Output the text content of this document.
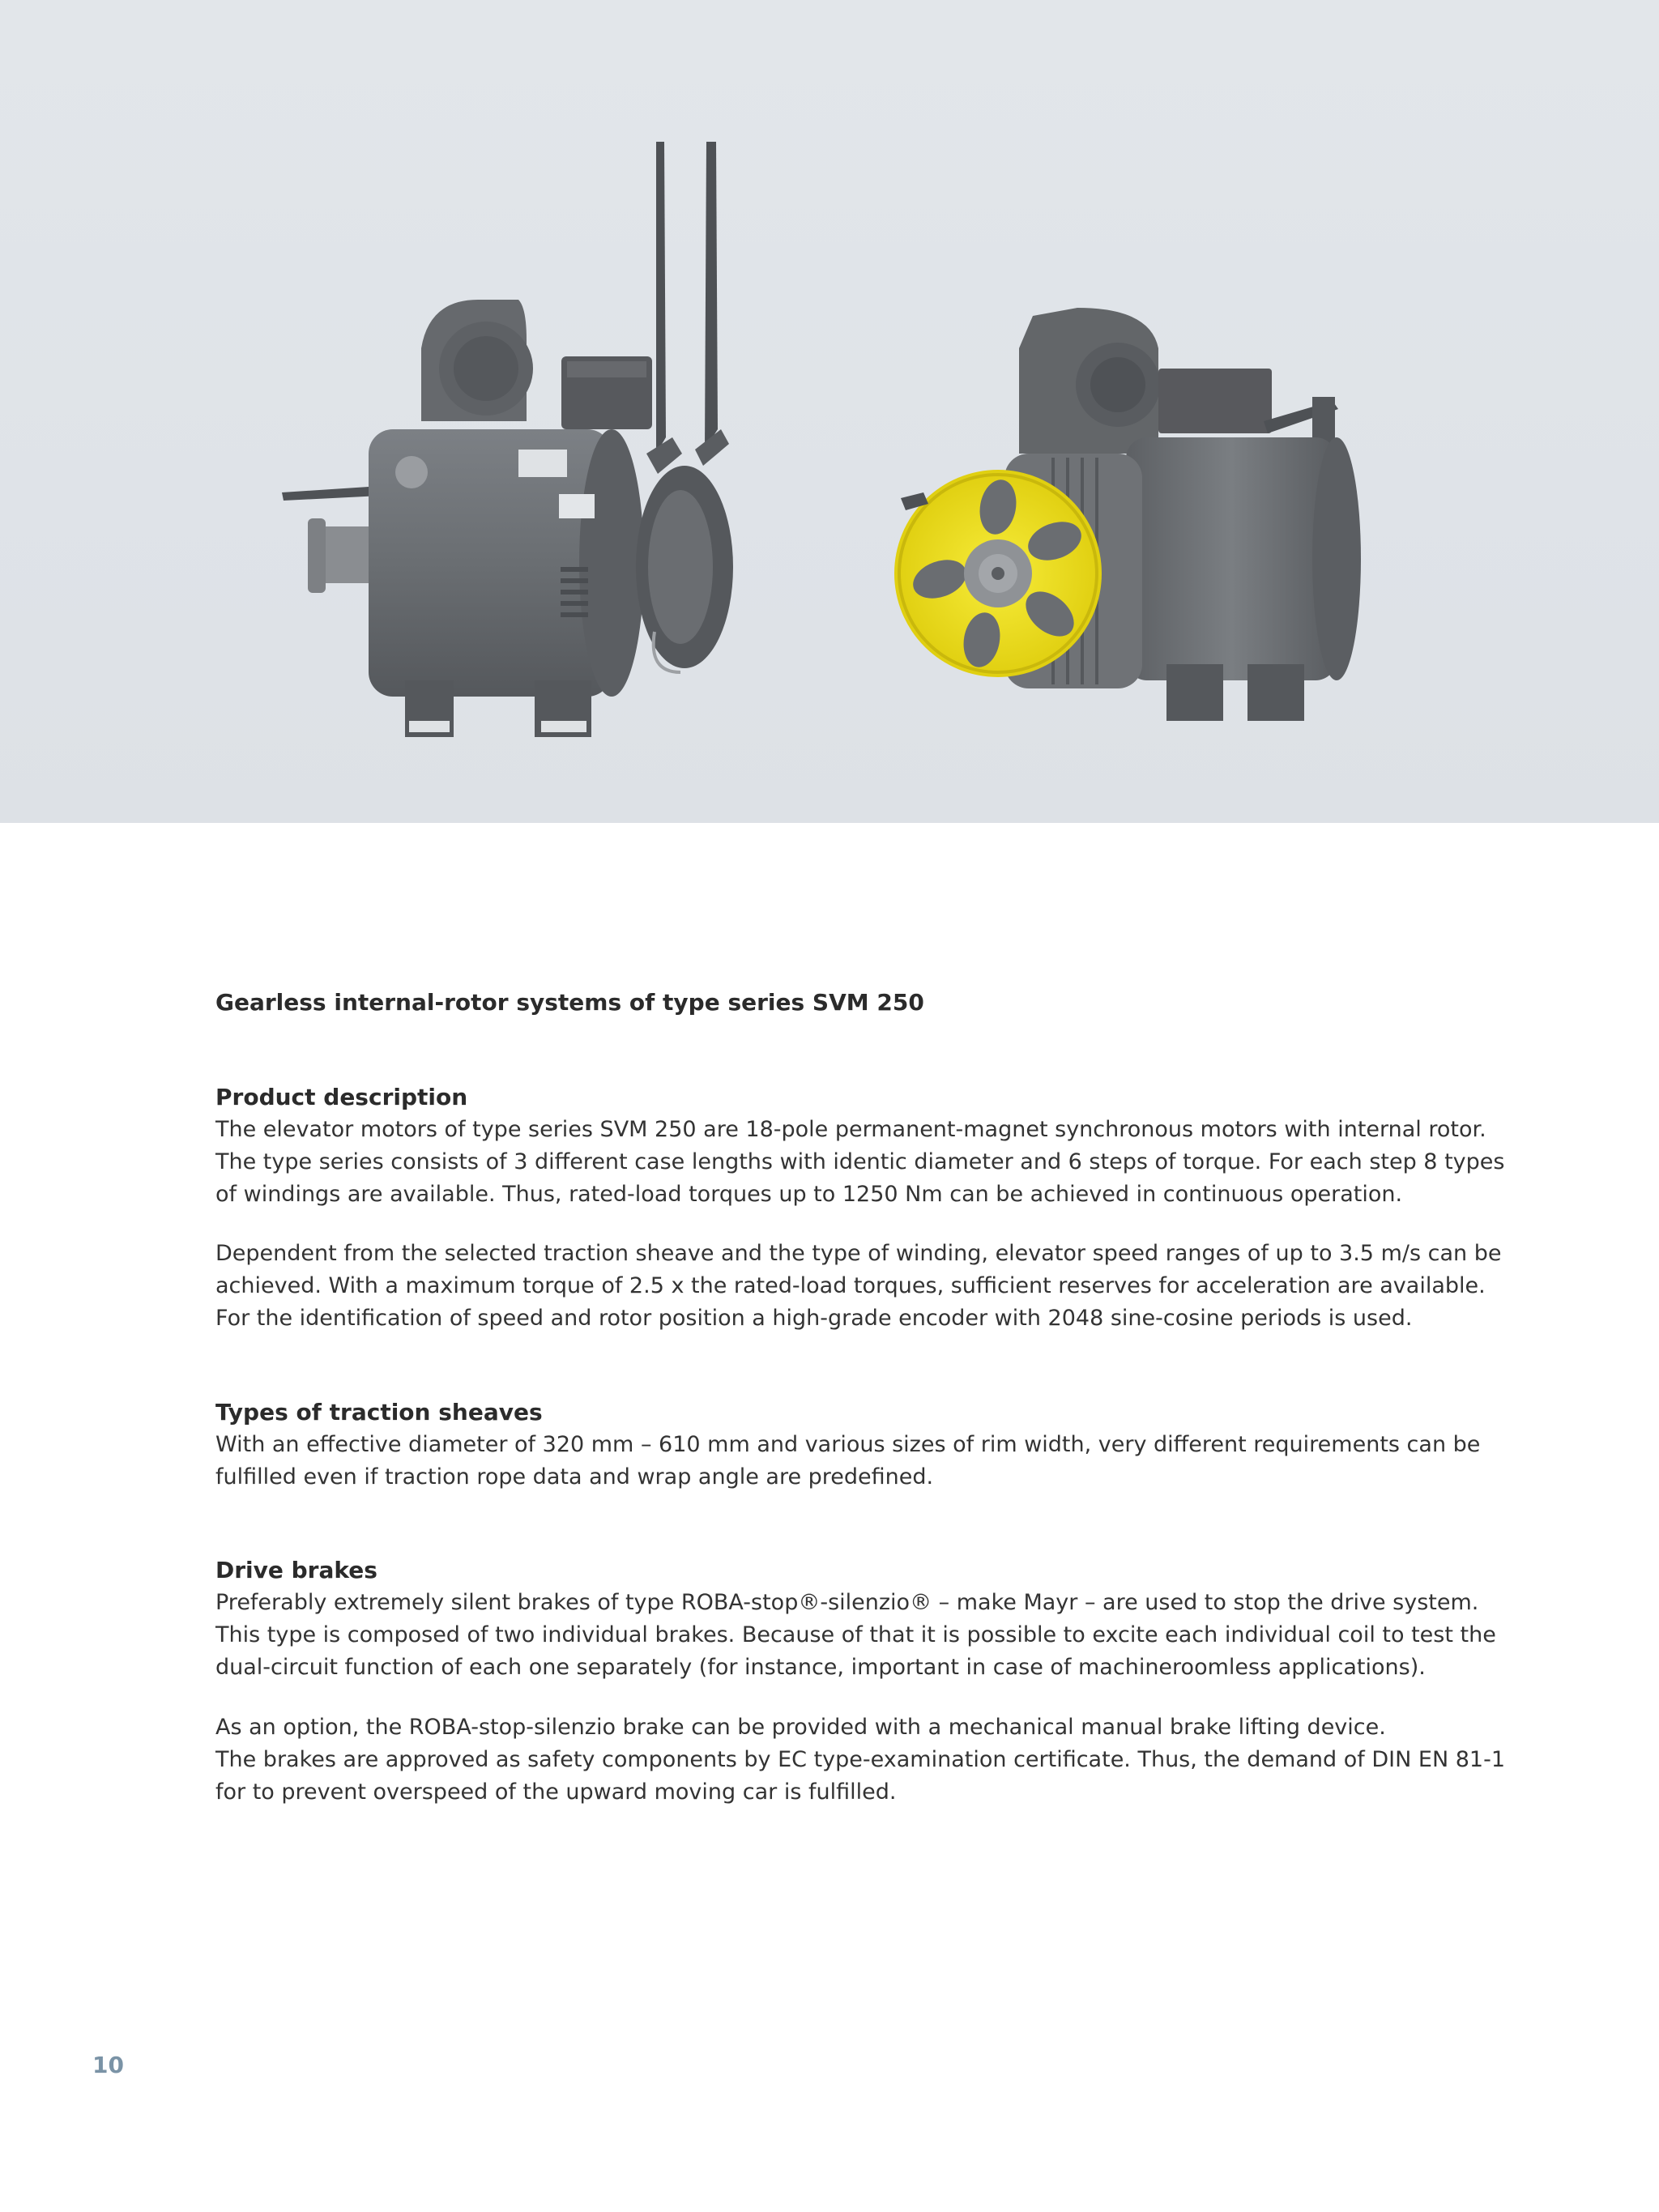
Gearless internal-rotor systems of type series SVM 250
Product description

The elevator motors of type series SVM 250 are 18-pole permanent-magnet synchronous motors with internal rotor.
The type series consists of 3 different case lengths with identic diameter and 6 steps of torque. For each step 8 types
of windings are available. Thus, rated-load torques up to 1250 Nm can be achieved in continuous operation.

Dependent from the selected traction sheave and the type of winding, elevator speed ranges of up to 3.5 m/s can be
achieved. With a maximum torque of 2.5 x the rated-load torques, sufficient reserves for acceleration are available.
For the identification of speed and rotor position a high-grade encoder with 2048 sine-cosine periods is used.

Types of traction sheaves

With an effective diameter of 320 mm – 610 mm and various sizes of rim width, very different requirements can be
fulfilled even if traction rope data and wrap angle are predefined.

Drive brakes

Preferably extremely silent brakes of type ROBA-stop®-silenzio® – make Mayr – are used to stop the drive system.
This type is composed of two individual brakes. Because of that it is possible to excite each individual coil to test the
dual-circuit function of each one separately (for instance, important in case of machineroomless applications).

As an option, the ROBA-stop-silenzio brake can be provided with a mechanical manual brake lifting device.
The brakes are approved as safety components by EC type-examination certificate. Thus, the demand of DIN EN 81-1
for to prevent overspeed of the upward moving car is fulfilled.

10
